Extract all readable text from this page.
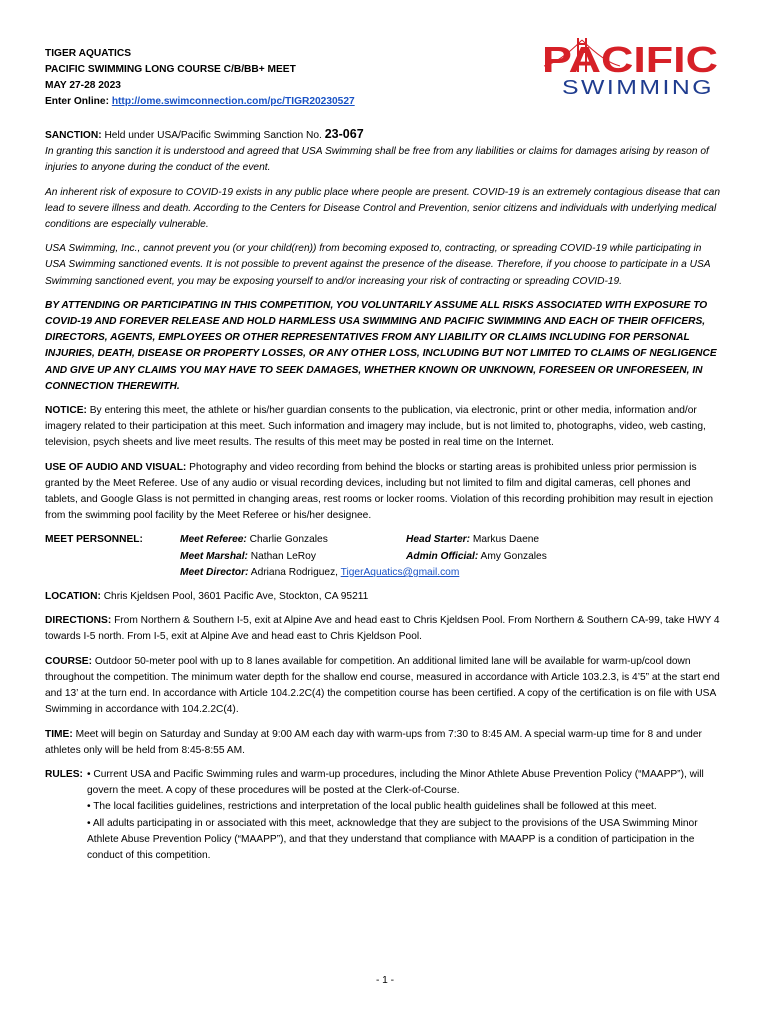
TIGER AQUATICS
PACIFIC SWIMMING LONG COURSE C/B/BB+ MEET
MAY 27-28 2023
Enter Online: http://ome.swimconnection.com/pc/TIGR20230527
PACIFIC
SWIMMING

SANCTION: Held under USA/Pacific Swimming Sanction No. 23-067

In granting this sanction it is understood and agreed that USA Swimming shall be free from any liabilities or claims for damages arising by reason of injuries to anyone during the conduct of the event.

An inherent risk of exposure to COVID-19 exists in any public place where people are present. COVID-19 is an extremely contagious disease that can lead to severe illness and death. According to the Centers for Disease Control and Prevention, senior citizens and individuals with underlying medical conditions are especially vulnerable.

USA Swimming, Inc., cannot prevent you (or your child(ren)) from becoming exposed to, contracting, or spreading COVID-19 while participating in USA Swimming sanctioned events. It is not possible to prevent against the presence of the disease. Therefore, if you choose to participate in a USA Swimming sanctioned event, you may be exposing yourself to and/or increasing your risk of contracting or spreading COVID-19.

BY ATTENDING OR PARTICIPATING IN THIS COMPETITION, YOU VOLUNTARILY ASSUME ALL RISKS ASSOCIATED WITH EXPOSURE TO COVID-19 AND FOREVER RELEASE AND HOLD HARMLESS USA SWIMMING AND PACIFIC SWIMMING AND EACH OF THEIR OFFICERS, DIRECTORS, AGENTS, EMPLOYEES OR OTHER REPRESENTATIVES FROM ANY LIABILITY OR CLAIMS INCLUDING FOR PERSONAL INJURIES, DEATH, DISEASE OR PROPERTY LOSSES, OR ANY OTHER LOSS, INCLUDING BUT NOT LIMITED TO CLAIMS OF NEGLIGENCE AND GIVE UP ANY CLAIMS YOU MAY HAVE TO SEEK DAMAGES, WHETHER KNOWN OR UNKNOWN, FORESEEN OR UNFORESEEN, IN CONNECTION THEREWITH.

NOTICE: By entering this meet, the athlete or his/her guardian consents to the publication, via electronic, print or other media, information and/or imagery related to their participation at this meet. Such information and imagery may include, but is not limited to, photographs, video, web casting, television, psych sheets and live meet results. The results of this meet may be posted in real time on the Internet.

USE OF AUDIO AND VISUAL: Photography and video recording from behind the blocks or starting areas is prohibited unless prior permission is granted by the Meet Referee. Use of any audio or visual recording devices, including but not limited to film and digital cameras, cell phones and tablets, and Google Glass is not permitted in changing areas, rest rooms or locker rooms. Violation of this recording prohibition may result in ejection from the swimming pool facility by the Meet Referee or his/her designee.

MEET PERSONNEL:	Meet Referee: Charlie Gonzales	Head Starter: Markus Daene
Meet Marshal: Nathan LeRoy	Admin Official: Amy Gonzales
Meet Director: Adriana Rodriguez, TigerAquatics@gmail.com

LOCATION: Chris Kjeldsen Pool, 3601 Pacific Ave, Stockton, CA 95211

DIRECTIONS: From Northern & Southern I-5, exit at Alpine Ave and head east to Chris Kjeldsen Pool. From Northern & Southern CA-99, take HWY 4 towards I-5 north. From I-5, exit at Alpine Ave and head east to Chris Kjeldson Pool.

COURSE: Outdoor 50-meter pool with up to 8 lanes available for competition. An additional limited lane will be available for warm-up/cool down throughout the competition. The minimum water depth for the shallow end course, measured in accordance with Article 103.2.3, is 4’5” at the start end and 13’ at the turn end. In accordance with Article 104.2.2C(4) the competition course has been certified. A copy of the certification is on file with USA Swimming in accordance with 104.2.2C(4).

TIME: Meet will begin on Saturday and Sunday at 9:00 AM each day with warm-ups from 7:30 to 8:45 AM. A special warm-up time for 8 and under athletes only will be held from 8:45-8:55 AM.

RULES: • Current USA and Pacific Swimming rules and warm-up procedures, including the Minor Athlete Abuse Prevention Policy (“MAAPP”), will govern the meet. A copy of these procedures will be posted at the Clerk-of-Course.
• The local facilities guidelines, restrictions and interpretation of the local public health guidelines shall be followed at this meet.
• All adults participating in or associated with this meet, acknowledge that they are subject to the provisions of the USA Swimming Minor Athlete Abuse Prevention Policy (“MAAPP”), and that they understand that compliance with MAAPP is a condition of participation in the conduct of this competition.
- 1 -
